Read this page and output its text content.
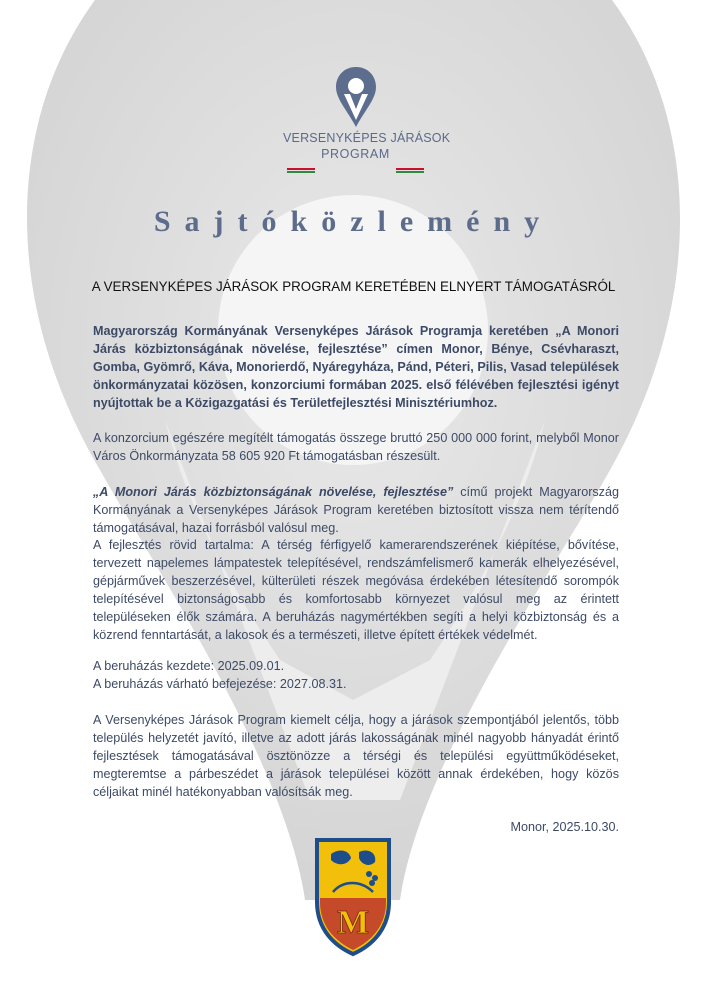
VERSENYKÉPES JÁRÁSOK
PROGRAM
Sajtóközlemény
A VERSENYKÉPES JÁRÁSOK PROGRAM KERETÉBEN ELNYERT TÁMOGATÁSRÓL

Magyarország Kormányának Versenyképes Járások Programja keretében „A Monori Járás közbiztonságának növelése, fejlesztése” címen Monor, Bénye, Csévharaszt, Gomba, Gyömrő, Káva, Monorierdő, Nyáregyháza, Pánd, Péteri, Pilis, Vasad települések önkormányzatai közösen, konzorciumi formában 2025. első félévében fejlesztési igényt nyújtottak be a Közigazgatási és Területfejlesztési Minisztériumhoz.

A konzorcium egészére megítélt támogatás összege bruttó 250 000 000 forint, melyből Monor Város Önkormányzata 58 605 920 Ft támogatásban részesült.

„A Monori Járás közbiztonságának növelése, fejlesztése” című projekt Magyarország Kormányának a Versenyképes Járások Program keretében biztosított vissza nem térítendő támogatásával, hazai forrásból valósul meg.

A fejlesztés rövid tartalma: A térség férfigyelő kamerarendszerének kiépítése, bővítése, tervezett napelemes lámpatestek telepítésével, rendszámfelismerő kamerák elhelyezésével, gépjárművek beszerzésével, külterületi részek megóvása érdekében létesítendő sorompók telepítésével biztonságosabb és komfortosabb környezet valósul meg az érintett településeken élők számára. A beruházás nagymértékben segíti a helyi közbiztonság és a közrend fenntartását, a lakosok és a természeti, illetve épített értékek védelmét.

A beruházás kezdete: 2025.09.01.

A beruházás várható befejezése: 2027.08.31.

A Versenyképes Járások Program kiemelt célja, hogy a járások szempontjából jelentős, több település helyzetét javító, illetve az adott járás lakosságának minél nagyobb hányadát érintő fejlesztések támogatásával ösztönözze a térségi és települési együttműködéseket, megteremtse a párbeszédet a járások települései között annak érdekében, hogy közös céljaikat minél hatékonyabban valósítsák meg.

Monor, 2025.10.30.

M
